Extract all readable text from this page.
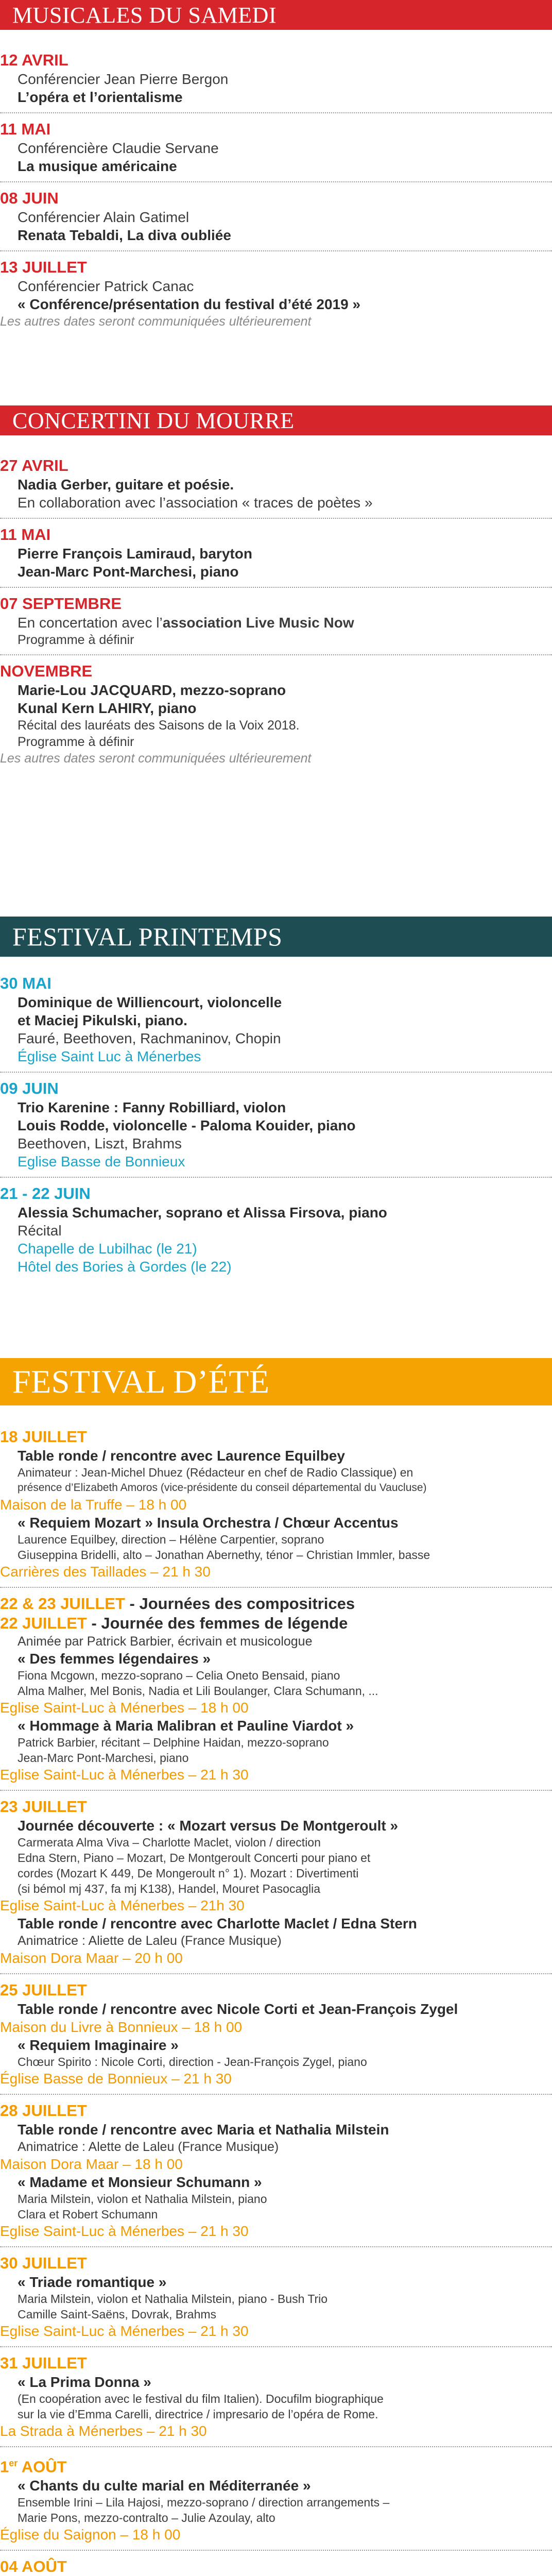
MUSICALES DU SAMEDI
12 AVRIL
Conférencier Jean Pierre Bergon
L’opéra et l’orientalisme
11 MAI
Conférencière Claudie Servane
La musique américaine
08 JUIN
Conférencier Alain Gatimel
Renata Tebaldi, La diva oubliée
13 JUILLET
Conférencier Patrick Canac
« Conférence/présentation du festival d’été 2019 »
Les autres dates seront communiquées ultérieurement
CONCERTINI DU MOURRE
27 AVRIL
Nadia Gerber, guitare et poésie.
En collaboration avec l’association « traces de poètes »
11 MAI
Pierre François Lamiraud, baryton
Jean-Marc Pont-Marchesi, piano
07 SEPTEMBRE
En concertation avec l’association Live Music Now
Programme à définir
NOVEMBRE
Marie-Lou JACQUARD, mezzo-soprano
Kunal Kern LAHIRY, piano
Récital des lauréats des Saisons de la Voix 2018.
Programme à définir
Les autres dates seront communiquées ultérieurement
FESTIVAL PRINTEMPS
30 MAI
Dominique de Williencourt, violoncelle
et Maciej Pikulski, piano.
Fauré, Beethoven, Rachmaninov, Chopin
Église Saint Luc à Ménerbes
09 JUIN
Trio Karenine : Fanny Robilliard, violon
Louis Rodde, violoncelle - Paloma Kouider, piano
Beethoven, Liszt, Brahms
Eglise Basse de Bonnieux
21 - 22 JUIN
Alessia Schumacher, soprano et Alissa Firsova, piano
Récital
Chapelle de Lubilhac (le 21)
Hôtel des Bories à Gordes (le 22)
FESTIVAL D’ÉTÉ
18 JUILLET
Table ronde / rencontre avec Laurence Equilbey
Animateur : Jean-Michel Dhuez (Rédacteur en chef de Radio Classique) en
présence d’Elizabeth Amoros (vice-présidente du conseil départemental du Vaucluse)
Maison de la Truffe – 18 h 00
« Requiem Mozart » Insula Orchestra / Chœur Accentus
Laurence Equilbey, direction – Hélène Carpentier, soprano
Giuseppina Bridelli, alto – Jonathan Abernethy, ténor – Christian Immler, basse
Carrières des Taillades – 21 h 30
22 & 23 JUILLET - Journées des compositrices
22 JUILLET - Journée des femmes de légende
Animée par Patrick Barbier, écrivain et musicologue
« Des femmes légendaires »
Fiona Mcgown, mezzo-soprano – Celia Oneto Bensaid, piano
Alma Malher, Mel Bonis, Nadia et Lili Boulanger, Clara Schumann, ...
Eglise Saint-Luc à Ménerbes – 18 h 00
« Hommage à Maria Malibran et Pauline Viardot »
Patrick Barbier, récitant – Delphine Haidan, mezzo-soprano
Jean-Marc Pont-Marchesi, piano
Eglise Saint-Luc à Ménerbes – 21 h 30
23 JUILLET
Journée découverte : « Mozart versus De Montgeroult »
Carmerata Alma Viva – Charlotte Maclet, violon / direction
Edna Stern, Piano – Mozart, De Montgeroult Concerti pour piano et
cordes (Mozart K 449, De Mongeroult n° 1). Mozart : Divertimenti
(si bémol mj 437, fa mj K138), Handel, Mouret Pasocaglia
Eglise Saint-Luc à Ménerbes – 21h 30
Table ronde / rencontre avec Charlotte Maclet / Edna Stern
Animatrice : Aliette de Laleu (France Musique)
Maison Dora Maar – 20 h 00
25 JUILLET
Table ronde / rencontre avec Nicole Corti et Jean-François Zygel
Maison du Livre à Bonnieux – 18 h 00
« Requiem Imaginaire »
Chœur Spirito : Nicole Corti, direction - Jean-François Zygel, piano
Église Basse de Bonnieux – 21 h 30
28 JUILLET
Table ronde / rencontre avec Maria et Nathalia Milstein
Animatrice : Alette de Laleu (France Musique)
Maison Dora Maar – 18 h 00
« Madame et Monsieur Schumann »
Maria Milstein, violon et Nathalia Milstein, piano
Clara et Robert Schumann
Eglise Saint-Luc à Ménerbes – 21 h 30
30 JUILLET
« Triade romantique »
Maria Milstein, violon et Nathalia Milstein, piano - Bush Trio
Camille Saint-Saëns, Dovrak, Brahms
Eglise Saint-Luc à Ménerbes – 21 h 30
31 JUILLET
« La Prima Donna »
(En coopération avec le festival du film Italien). Docufilm biographique
sur la vie d’Emma Carelli, directrice / impresario de l’opéra de Rome.
La Strada à Ménerbes – 21 h 30
1er AOÛT
« Chants du culte marial en Méditerranée »
Ensemble Irini – Lila Hajosi, mezzo-soprano / direction arrangements –
Marie Pons, mezzo-contralto – Julie Azoulay, alto
Église du Saignon – 18 h 00
04 AOÛT
